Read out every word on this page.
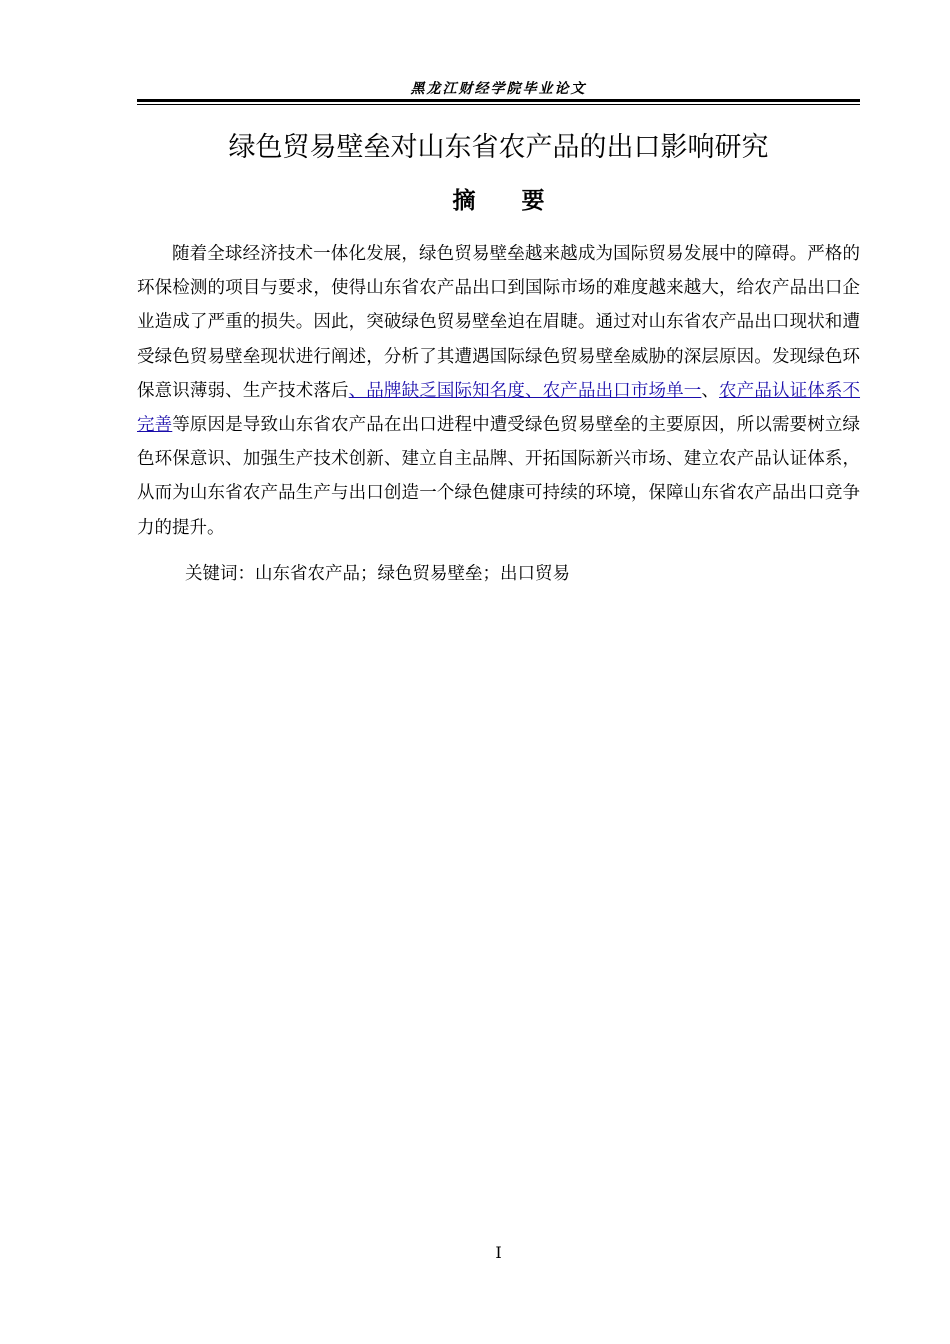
黑龙江财经学院毕业论文
绿色贸易壁垒对山东省农产品的出口影响研究
摘　　要

随着全球经济技术一体化发展，绿色贸易壁垒越来越成为国际贸易发展中的障碍。严格的环保检测的项目与要求，使得山东省农产品出口到国际市场的难度越来越大，给农产品出口企业造成了严重的损失。因此，突破绿色贸易壁垒迫在眉睫。通过对山东省农产品出口现状和遭受绿色贸易壁垒现状进行阐述，分析了其遭遇国际绿色贸易壁垒威胁的深层原因。发现绿色环保意识薄弱、生产技术落后、品牌缺乏国际知名度、农产品出口市场单一、农产品认证体系不完善等原因是导致山东省农产品在出口进程中遭受绿色贸易壁垒的主要原因，所以需要树立绿色环保意识、加强生产技术创新、建立自主品牌、开拓国际新兴市场、建立农产品认证体系，从而为山东省农产品生产与出口创造一个绿色健康可持续的环境，保障山东省农产品出口竞争力的提升。

关键词：山东省农产品；绿色贸易壁垒；出口贸易
I
